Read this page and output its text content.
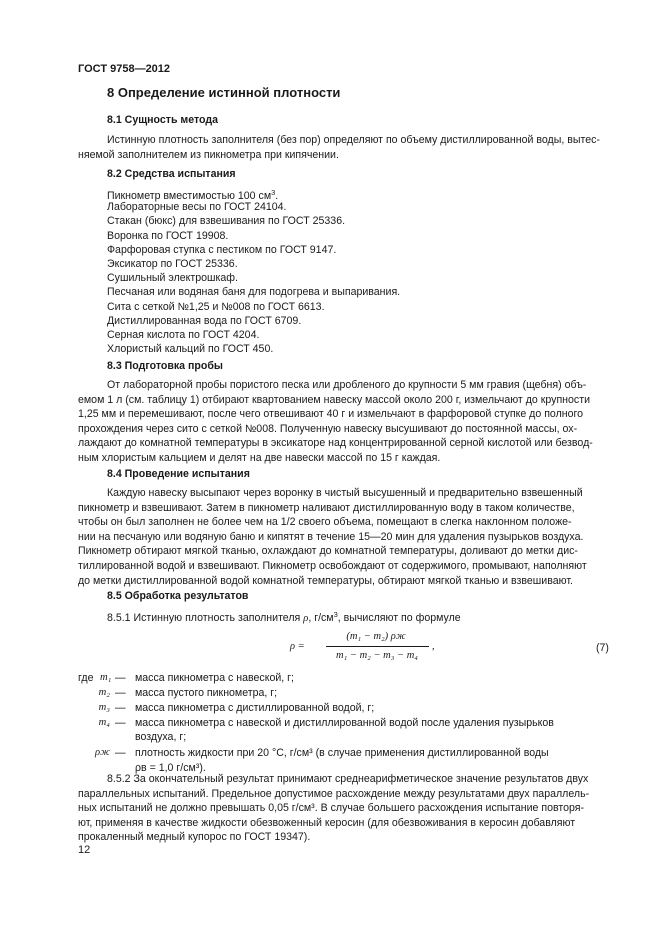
ГОСТ 9758—2012
8 Определение истинной плотности
8.1 Сущность метода
Истинную плотность заполнителя (без пор) определяют по объему дистиллированной воды, вытес-
няемой заполнителем из пикнометра при кипячении.
8.2 Средства испытания
Пикнометр вместимостью 100 $см^3$.
Лабораторные весы по ГОСТ 24104.
Стакан (бюкс) для взвешивания по ГОСТ 25336.
Воронка по ГОСТ 19908.
Фарфоровая ступка с пестиком по ГОСТ 9147.
Эксикатор по ГОСТ 25336.
Сушильный электрошкаф.
Песчаная или водяная баня для подогрева и выпаривания.
Сита с сеткой №1,25 и №008 по ГОСТ 6613.
Дистиллированная вода по ГОСТ 6709.
Серная кислота по ГОСТ 4204.
Хлористый кальций по ГОСТ 450.
8.3 Подготовка пробы
От лабораторной пробы пористого песка или дробленого до крупности 5 мм гравия (щебня) объ-
емом 1 л (см. таблицу 1) отбирают квартованием навеску массой около 200 г, измельчают до крупности
1,25 мм и перемешивают, после чего отвешивают 40 г и измельчают в фарфоровой ступке до полного
прохождения через сито с сеткой №008. Полученную навеску высушивают до постоянной массы, ох-
лаждают до комнатной температуры в эксикаторе над концентрированной серной кислотой или безвод-
ным хлористым кальцием и делят на две навески массой по 15 г каждая.
8.4 Проведение испытания
Каждую навеску высыпают через воронку в чистый высушенный и предварительно взвешенный
пикнометр и взвешивают. Затем в пикнометр наливают дистиллированную воду в таком количестве,
чтобы он был заполнен не более чем на 1/2 своего объема, помещают в слегка наклонном положе-
нии на песчаную или водяную баню и кипятят в течение 15—20 мин для удаления пузырьков воздуха.
Пикнометр обтирают мягкой тканью, охлаждают до комнатной температуры, доливают до метки дис-
тиллированной водой и взвешивают. Пикнометр освобождают от содержимого, промывают, наполняют
до метки дистиллированной водой комнатной температуры, обтирают мягкой тканью и взвешивают.
8.5 Обработка результатов
8.5.1 Истинную плотность заполнителя ρ, $г/см^3$, вычисляют по формуле
ρ =
(m₁ − m₂) ρж
m₁ − m₂ − m₃ − m₄
,	(7)
где m₁ — масса пикнометра с навеской, г;
m₂ — масса пустого пикнометра, г;
m₃ — масса пикнометра с дистиллированной водой, г;
m₄ — масса пикнометра с навеской и дистиллированной водой после удаления пузырьков
воздуха, г;
ρж — плотность жидкости при 20 °С, г/см³ (в случае применения дистиллированной воды
ρв = 1,0 г/см³).
8.5.2 За окончательный результат принимают среднеарифметическое значение результатов двух
параллельных испытаний. Предельное допустимое расхождение между результатами двух параллель-
ных испытаний не должно превышать 0,05 г/см³. В случае большего расхождения испытание повторя-
ют, применяя в качестве жидкости обезвоженный керосин (для обезвоживания в керосин добавляют
прокаленный медный купорос по ГОСТ 19347).
12
